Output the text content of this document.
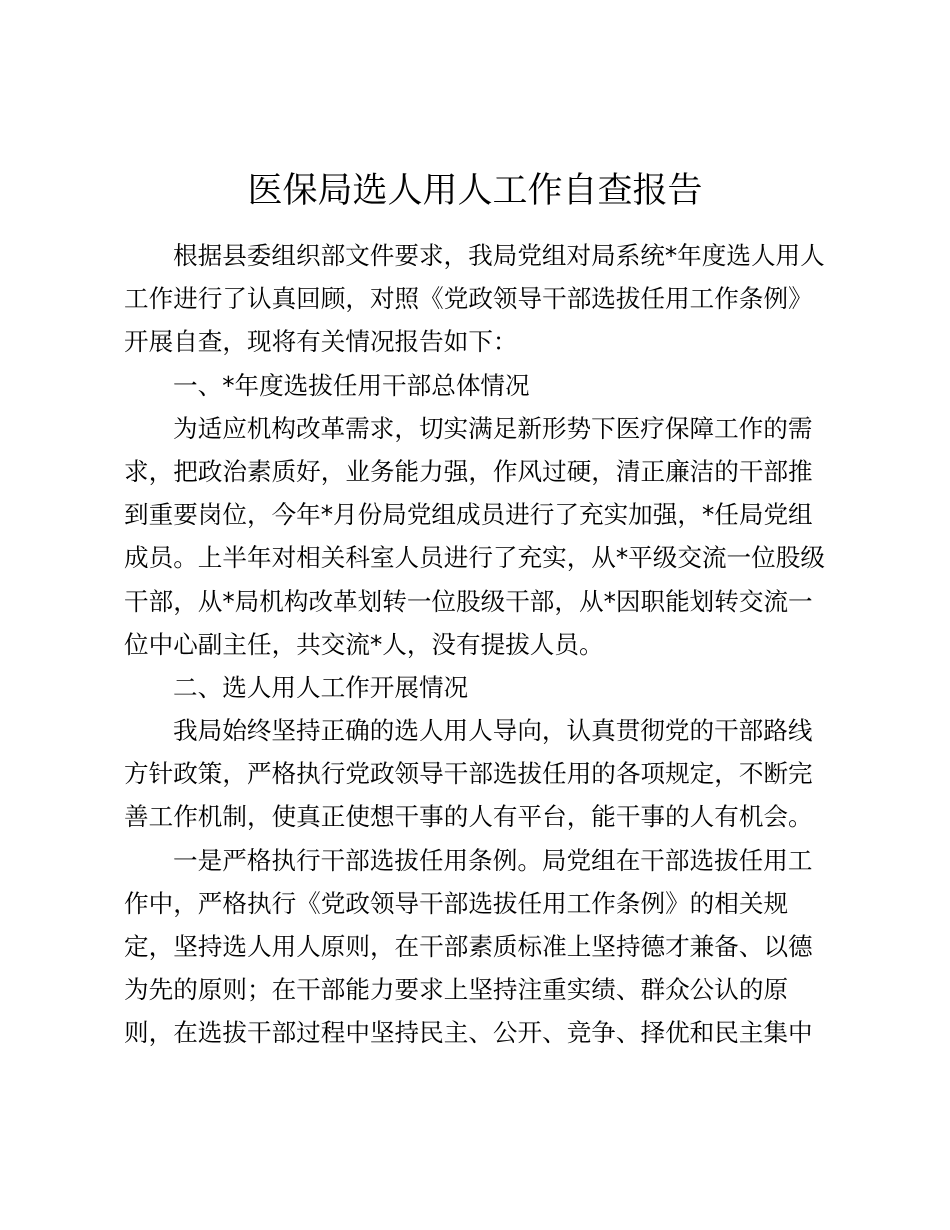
医保局选人用人工作自查报告
根据县委组织部文件要求，我局党组对局系统*年度选人用人
工作进行了认真回顾，对照《党政领导干部选拔任用工作条例》
开展自查，现将有关情况报告如下：
一、*年度选拔任用干部总体情况
为适应机构改革需求，切实满足新形势下医疗保障工作的需
求，把政治素质好，业务能力强，作风过硬，清正廉洁的干部推
到重要岗位，今年*月份局党组成员进行了充实加强，*任局党组
成员。上半年对相关科室人员进行了充实，从*平级交流一位股级
干部，从*局机构改革划转一位股级干部，从*因职能划转交流一
位中心副主任，共交流*人，没有提拔人员。
二、选人用人工作开展情况
我局始终坚持正确的选人用人导向，认真贯彻党的干部路线
方针政策，严格执行党政领导干部选拔任用的各项规定，不断完
善工作机制，使真正使想干事的人有平台，能干事的人有机会。
一是严格执行干部选拔任用条例。局党组在干部选拔任用工
作中，严格执行《党政领导干部选拔任用工作条例》的相关规
定，坚持选人用人原则，在干部素质标准上坚持德才兼备、以德
为先的原则；在干部能力要求上坚持注重实绩、群众公认的原
则，在选拔干部过程中坚持民主、公开、竞争、择优和民主集中
